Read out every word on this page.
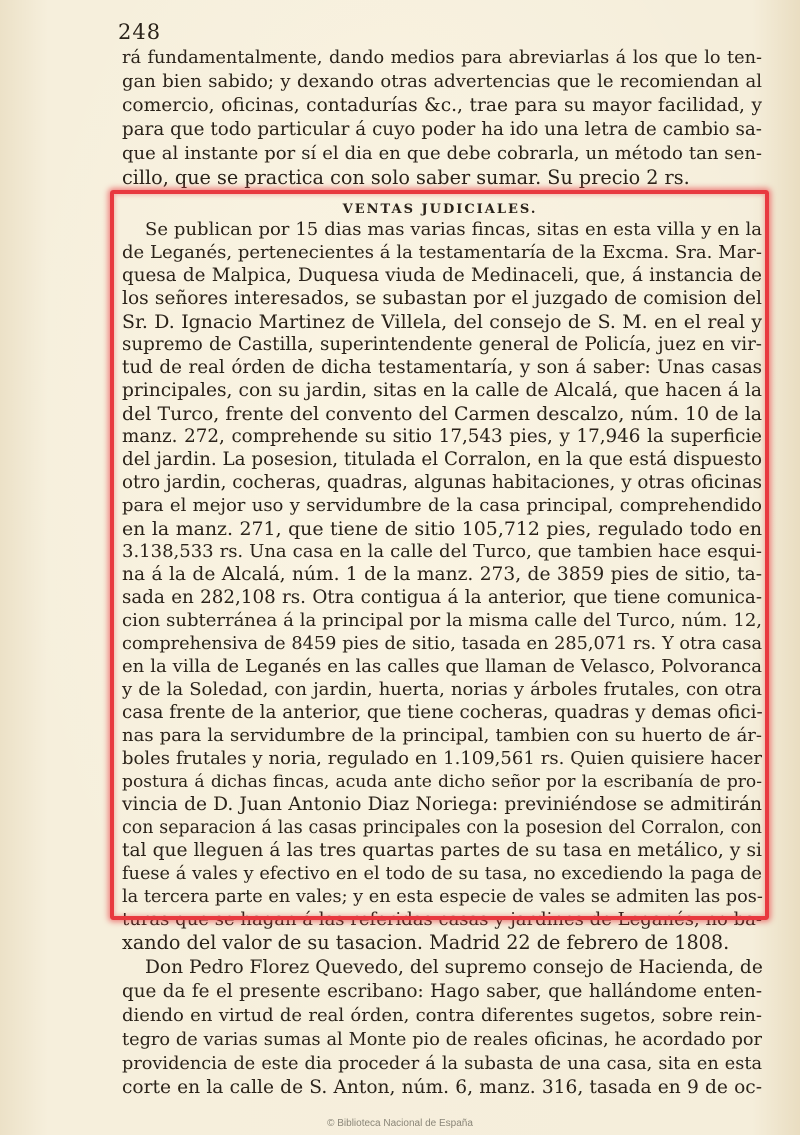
248
rá fundamentalmente, dando medios para abreviarlas á los que lo ten-
gan bien sabido; y dexando otras advertencias que le recomiendan al
comercio, oficinas, contadurías &c., trae para su mayor facilidad, y
para que todo particular á cuyo poder ha ido una letra de cambio sa-
que al instante por sí el dia en que debe cobrarla, un método tan sen-
cillo, que se practica con solo saber sumar. Su precio 2 rs.
VENTAS JUDICIALES.
Se publican por 15 dias mas varias fincas, sitas en esta villa y en la
de Leganés, pertenecientes á la testamentaría de la Excma. Sra. Mar-
quesa de Malpica, Duquesa viuda de Medinaceli, que, á instancia de
los señores interesados, se subastan por el juzgado de comision del
Sr. D. Ignacio Martinez de Villela, del consejo de S. M. en el real y
supremo de Castilla, superintendente general de Policía, juez en vir-
tud de real órden de dicha testamentaría, y son á saber: Unas casas
principales, con su jardin, sitas en la calle de Alcalá, que hacen á la
del Turco, frente del convento del Carmen descalzo, núm. 10 de la
manz. 272, comprehende su sitio 17,543 pies, y 17,946 la superficie
del jardin. La posesion, titulada el Corralon, en la que está dispuesto
otro jardin, cocheras, quadras, algunas habitaciones, y otras oficinas
para el mejor uso y servidumbre de la casa principal, comprehendido
en la manz. 271, que tiene de sitio 105,712 pies, regulado todo en
3.138,533 rs. Una casa en la calle del Turco, que tambien hace esqui-
na á la de Alcalá, núm. 1 de la manz. 273, de 3859 pies de sitio, ta-
sada en 282,108 rs. Otra contigua á la anterior, que tiene comunica-
cion subterránea á la principal por la misma calle del Turco, núm. 12,
comprehensiva de 8459 pies de sitio, tasada en 285,071 rs. Y otra casa
en la villa de Leganés en las calles que llaman de Velasco, Polvoranca
y de la Soledad, con jardin, huerta, norias y árboles frutales, con otra
casa frente de la anterior, que tiene cocheras, quadras y demas ofici-
nas para la servidumbre de la principal, tambien con su huerto de ár-
boles frutales y noria, regulado en 1.109,561 rs. Quien quisiere hacer
postura á dichas fincas, acuda ante dicho señor por la escribanía de pro-
vincia de D. Juan Antonio Diaz Noriega: previniéndose se admitirán
con separacion á las casas principales con la posesion del Corralon, con
tal que lleguen á las tres quartas partes de su tasa en metálico, y si
fuese á vales y efectivo en el todo de su tasa, no excediendo la paga de
la tercera parte en vales; y en esta especie de vales se admiten las pos-
turas que se hagan á las referidas casas y jardines de Leganés, no ba-
xando del valor de su tasacion. Madrid 22 de febrero de 1808.
Don Pedro Florez Quevedo, del supremo consejo de Hacienda, de
que da fe el presente escribano: Hago saber, que hallándome enten-
diendo en virtud de real órden, contra diferentes sugetos, sobre rein-
tegro de varias sumas al Monte pio de reales oficinas, he acordado por
providencia de este dia proceder á la subasta de una casa, sita en esta
corte en la calle de S. Anton, núm. 6, manz. 316, tasada en 9 de oc-
© Biblioteca Nacional de España
